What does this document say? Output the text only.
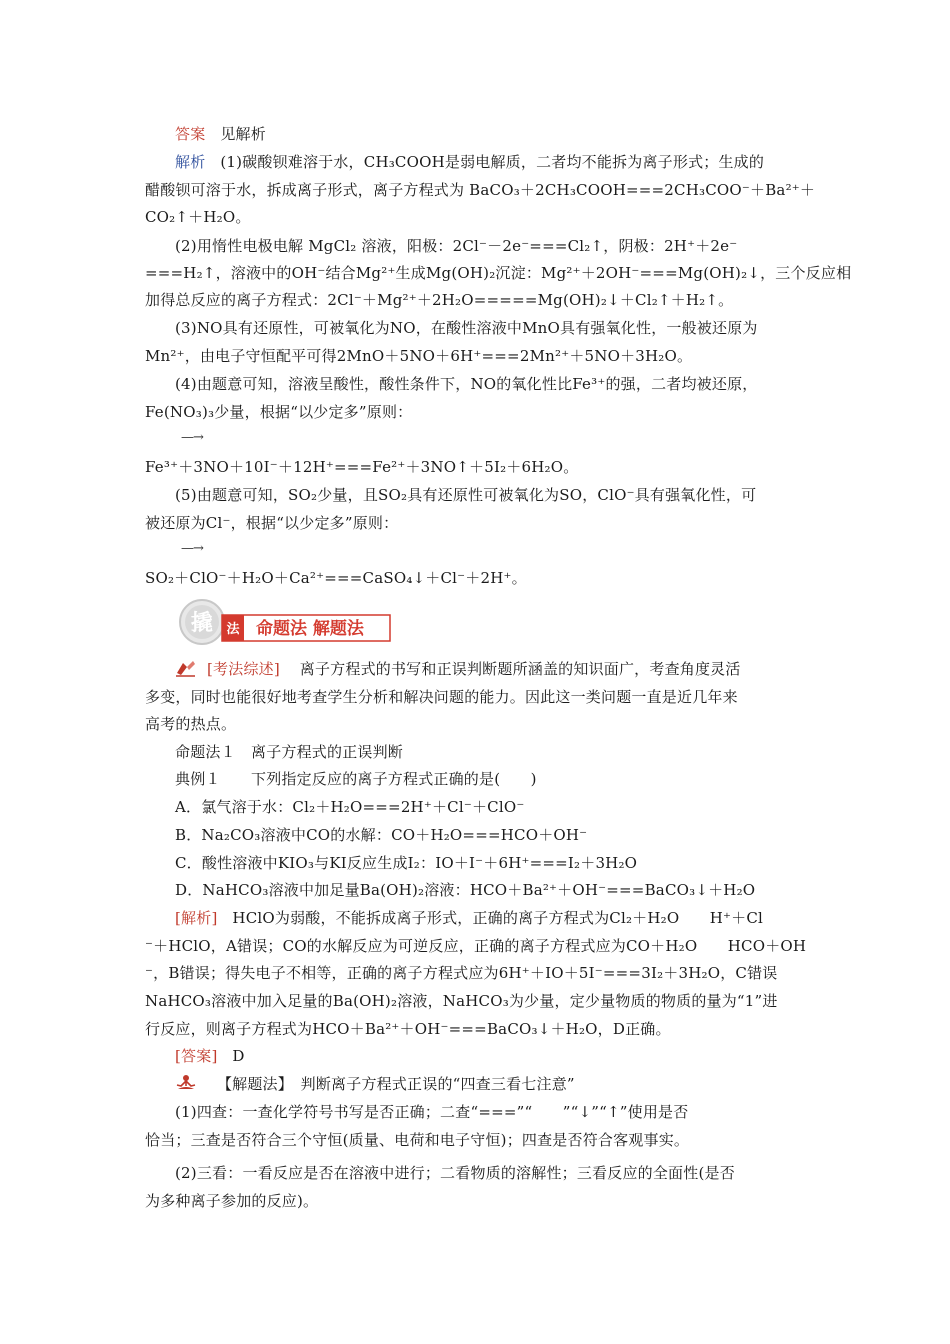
答案 见解析
解析 (1)碳酸钡难溶于水，CH₃COOH是弱电解质，二者均不能拆为离子形式；生成的
醋酸钡可溶于水，拆成离子形式，离子方程式为 BaCO₃＋2CH₃COOH===2CH₃COO⁻＋Ba²⁺＋
CO₂↑＋H₂O。
(2)用惰性电极电解 MgCl₂ 溶液，阳极：2Cl⁻－2e⁻===Cl₂↑，阴极：2H⁺＋2e⁻
===H₂↑，溶液中的OH⁻结合Mg²⁺生成Mg(OH)₂沉淀：Mg²⁺＋2OH⁻===Mg(OH)₂↓，三个反应相
加得总反应的离子方程式：2Cl⁻＋Mg²⁺＋2H₂O=====Mg(OH)₂↓＋Cl₂↑＋H₂↑。
(3)NO具有还原性，可被氧化为NO，在酸性溶液中MnO具有强氧化性，一般被还原为
Mn²⁺，由电子守恒配平可得2MnO＋5NO＋6H⁺===2Mn²⁺＋5NO＋3H₂O。
(4)由题意可知，溶液呈酸性，酸性条件下，NO的氧化性比Fe³⁺的强，二者均被还原，
Fe(NO₃)₃少量，根据“以少定多”原则：
—→
Fe³⁺＋3NO＋10I⁻＋12H⁺===Fe²⁺＋3NO↑＋5I₂＋6H₂O。
(5)由题意可知，SO₂少量，且SO₂具有还原性可被氧化为SO，ClO⁻具有强氧化性，可
被还原为Cl⁻，根据“以少定多”原则：
—→
SO₂＋ClO⁻＋H₂O＋Ca²⁺===CaSO₄↓＋Cl⁻＋2H⁺。
撬 法 命题法 解题法
[考法综述] 离子方程式的书写和正误判断题所涵盖的知识面广，考查角度灵活
多变，同时也能很好地考查学生分析和解决问题的能力。因此这一类问题一直是近几年来
高考的热点。
命题法１　离子方程式的正误判断
典例１　　下列指定反应的离子方程式正确的是(　　)
A．氯气溶于水：Cl₂＋H₂O===2H⁺＋Cl⁻＋ClO⁻
B．Na₂CO₃溶液中CO的水解：CO＋H₂O===HCO＋OH⁻
C．酸性溶液中KIO₃与KI反应生成I₂：IO＋I⁻＋6H⁺===I₂＋3H₂O
D．NaHCO₃溶液中加足量Ba(OH)₂溶液：HCO＋Ba²⁺＋OH⁻===BaCO₃↓＋H₂O
[解析] HClO为弱酸，不能拆成离子形式，正确的离子方程式为Cl₂＋H₂O　　H⁺＋Cl
⁻＋HClO，A错误；CO的水解反应为可逆反应，正确的离子方程式应为CO＋H₂O　　HCO＋OH
⁻，B错误；得失电子不相等，正确的离子方程式应为6H⁺＋IO＋5I⁻===3I₂＋3H₂O，C错误
NaHCO₃溶液中加入足量的Ba(OH)₂溶液，NaHCO₃为少量，定少量物质的物质的量为“1”进
行反应，则离子方程式为HCO＋Ba²⁺＋OH⁻===BaCO₃↓＋H₂O，D正确。
[答案] D
【解题法】　判断离子方程式正误的“四查三看七注意”
(1)四查：一查化学符号书写是否正确；二查“===”“　　”“↓”“↑”使用是否
恰当；三查是否符合三个守恒(质量、电荷和电子守恒)；四查是否符合客观事实。
(2)三看：一看反应是否在溶液中进行；二看物质的溶解性；三看反应的全面性(是否
为多种离子参加的反应)。
